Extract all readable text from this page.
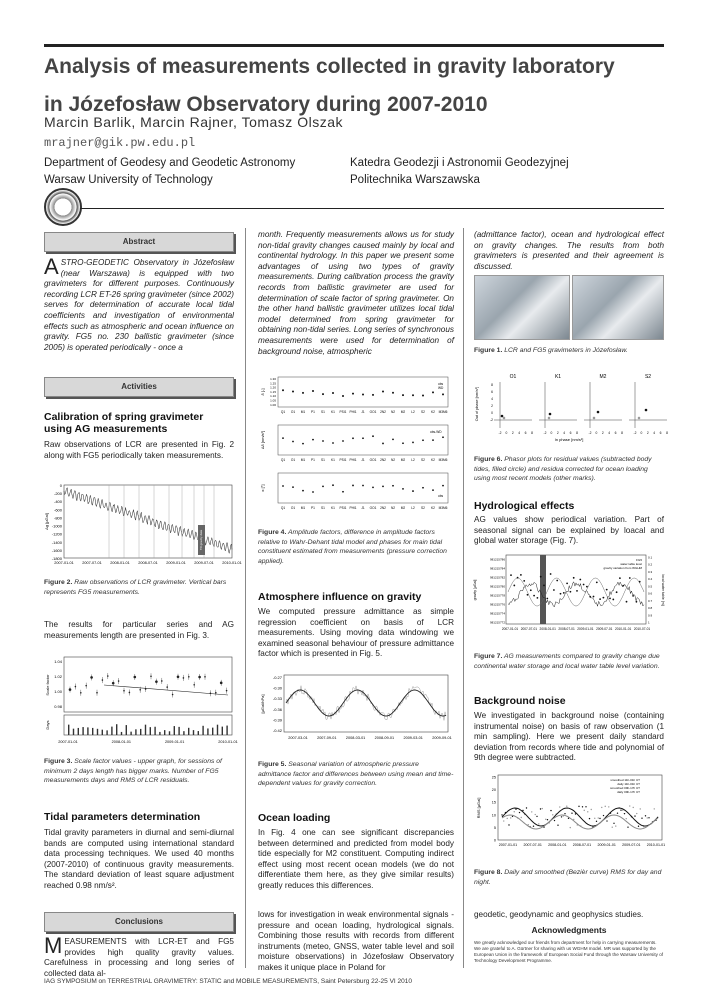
Analysis of measurements collected in gravity laboratory
in Józefosław Observatory during 2007-2010
Marcin Barlik, Marcin Rajner, Tomasz Olszak
mrajner@gik.pw.edu.pl
Department of Geodesy and Geodetic Astronomy
Warsaw University of Technology
Katedra Geodezji i Astronomii Geodezyjnej
Politechnika Warszawska
Abstract
ASTRO-GEODETIC Observatory in Józefosław (near Warszawa) is equipped with two gravimeters for different purposes. Continuously recording LCR ET-26 spring gravimeter (since 2002) serves for determination of accurate local tidal coefficients and investigation of environmental effects such as atmospheric and ocean influence on gravity. FG5 no. 230 ballistic gravimeter (since 2005) is operated periodically - once a
Activities
Calibration of spring gravimeter using AG measurements
Raw observations of LCR are presented in Fig. 2 along with FG5 periodically taken measurements.
0
-200
-400
-600
-800
-1000
-1200
-1400
-1600
-1800
2007-01-01 2007-07-01 2008-01-01 2008-07-01 2009-01-01 2009-07-01 2010-01-01
Δg [µGal]
TD gravity data
Figure 2. Raw observations of LCR gravimeter. Vertical bars represents FG5 measurements.
The results for particular series and AG measurements length are presented in Fig. 3.
1.04
1.02
1.00
0.98
Scale factor
Days
2007-01-01	2008-01-01	2009-01-01	2010-01-01
Figure 3. Scale factor values - upper graph, for sessions of minimum 2 days length has bigger marks. Number of FG5 measurements days and RMS of LCR residuals.
Tidal parameters determination
Tidal gravity parameters in diurnal and semi-diurnal bands are computed using international standard data processing techniques. We used 40 months (2007-2010) of continuous gravity measurements. The standard deviation of least square adjustment reached 0.98 nm/s².
Conclusions
MEASUREMENTS with LCR-ET and FG5 provides high quality gravity values. Carefulness in processing and long series of collected data al-
month. Frequently measurements allows us for study non-tidal gravity changes caused mainly by local and continental hydrology. In this paper we present some advantages of using two types of gravity measurements. During calibration process the gravity records from ballistic gravimeter are used for determination of scale factor of spring gravimeter. On the other hand ballistic gravimeter utilizes local tidal model determined from spring gravimeter for obtaining non-tidal series. Long series of synchronous measurements were used for determination of background noise, atmospheric
δ [-]
Q1 O1 M1 P1 S1 K1 PSI1 PHI1 J1 OO1 2N2 N2 M2 L2 S2 K2 M3M6
Δδ [nm/s²]
Q1 O1 M1 P1 S1 K1 PSI1 PHI1 J1 OO1 2N2 N2 M2 L2 S2 K2 M3M6
κ [°]
Q1 O1 M1 P1 S1 K1 PSI1 PHI1 J1 OO1 2N2 N2 M2 L2 S2 K2 M3M6
1.30
1.25
1.20
1.15
1.10
1.05
1.00
obs
WD
obs-WD
obs
Figure 4. Amplitude factors, difference in amplitude factors relative to Wahr-Dehant tidal model and phases for main tidal constituent estimated from measurements (pressure correction applied).
Atmosphere influence on gravity
We computed pressure admittance as simple regression coefficient on basis of LCR measurements. Using moving data windowing we examined seasonal behaviour of pressure admittance factor which is presented in Fig. 5.
-0.27
-0.30
-0.33
-0.36
-0.39
-0.42
2007-03-01 2007-09-01 2008-03-01 2008-09-01 2009-03-01 2009-09-01
[µGal/hPa]
Figure 5. Seasonal variation of atmospheric pressure admittance factor and differences between using mean and time-dependent values for gravity correction.
Ocean loading
In Fig. 4 one can see significant discrepancies between determined and predicted from model body tide especially for M2 constituent. Computing indirect effect using most recent ocean models (we do not differentiate them here, as they give similar results) greatly reduces this differences.
lows for investigation in weak environmental signals - pressure and ocean loading, hydrological signals. Combining those results with records from different instruments (meteo, GNSS, water table level and soil moisture observations) in Józefosław Observatory makes it unique place in Poland for
(admittance factor), ocean and hydrological effect on gravity changes. The results from both gravimeters is presented and their agreement is discussed.
Figure 1. LCR and FG5 gravimeters in Józefosław.
O1
-2 0 2 4 6 8
8
6
4
2
0
-2
K1
-2 0 2 4 6 8
M2
-2 0 2 4 6 8
S2
-2 0 2 4 6 8
In phase [nm/s²]
Out of phase [nm/s²]
Figure 6. Phasor plots for residual values (subtracted body tides, filled circle) and residua corrected for ocean loading using most recent models (other marks).
Hydrological effects
AG values show periodical variation. Part of seasonal signal can be explained by loacal and global water storage (Fig. 7).
981215786
981215784
981215782
981215780
981215778
981215776
981215774
981215772
0.1
0.2
0.3
0.4
0.5
0.6
0.7
0.8
0.9
1
2007-01-01 2007-07-01 2008-01-01 2008-07-01 2009-01-01 2009-07-01 2010-01-01 2010-07-01
gravity [µGal]	local water table [m]
FG5
water table level
gravity variation from WGHM
Figure 7. AG measurements compared to gravity change due continental water storage and local water table level variation.
Background noise
We investigated in background noise (containing instrumental noise) on basis of raw observation (1 min sampling). Here we present daily standard deviation from records where tide and polynomial of 9th degree were subtracted.
25
20
15
10
5
0
2007-01-01 2007-07-01 2008-01-01 2008-07-01 2009-01-01 2009-07-01 2010-01-01
RMS [µGal]
smoothed 11h-01h UT
daily 11h-01h UT
smoothed 09h-17h UT
daily 09h-17h UT
Figure 8. Daily and smoothed (Bezièr curve) RMS for day and night.
geodetic, geodynamic and geophysics studies.
Acknowledgments
We greatly acknowledged our friends from department for help in carrying measurements. We are grateful to A. Gürtner for sharing with us WGHM model. MR was supported by the European Union in the framework of European Social Fund through the Warsaw University of Technology Development Programme.
IAG SYMPOSIUM on TERRESTRIAL GRAVIMETRY: STATIC and MOBILE MEASUREMENTS, Saint Petersburg 22-25 VI 2010
